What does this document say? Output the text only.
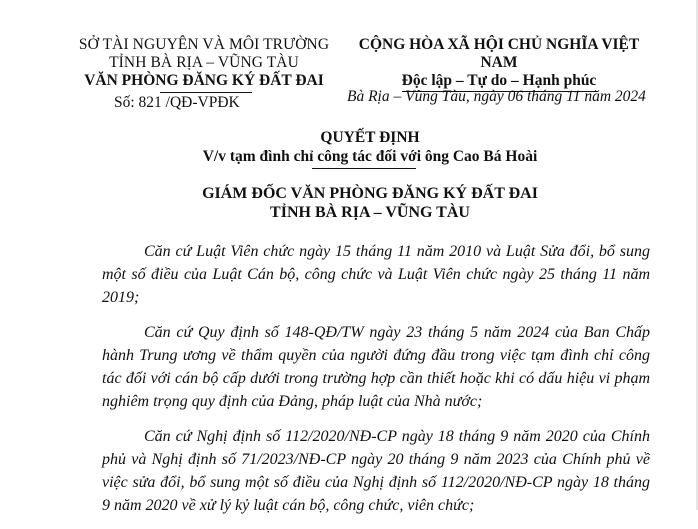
SỞ TÀI NGUYÊN VÀ MÔI TRƯỜNG
TỈNH BÀ RỊA – VŨNG TÀU
VĂN PHÒNG ĐĂNG KÝ ĐẤT ĐAI
Số: 821 /QĐ-VPĐK
CỘNG HÒA XÃ HỘI CHỦ NGHĨA VIỆT NAM
Độc lập – Tự do – Hạnh phúc
Bà Rịa – Vũng Tàu, ngày 06 tháng 11 năm 2024
QUYẾT ĐỊNH
V/v tạm đình chỉ công tác đối với ông Cao Bá Hoài
GIÁM ĐỐC VĂN PHÒNG ĐĂNG KÝ ĐẤT ĐAI
TỈNH BÀ RỊA – VŨNG TÀU

Căn cứ Luật Viên chức ngày 15 tháng 11 năm 2010 và Luật Sửa đổi, bổ sung một số điều của Luật Cán bộ, công chức và Luật Viên chức ngày 25 tháng 11 năm 2019;

Căn cứ Quy định số 148-QĐ/TW ngày 23 tháng 5 năm 2024 của Ban Chấp hành Trung ương về thẩm quyền của người đứng đầu trong việc tạm đình chỉ công tác đối với cán bộ cấp dưới trong trường hợp cần thiết hoặc khi có dấu hiệu vi phạm nghiêm trọng quy định của Đảng, pháp luật của Nhà nước;

Căn cứ Nghị định số 112/2020/NĐ-CP ngày 18 tháng 9 năm 2020 của Chính phủ và Nghị định số 71/2023/NĐ-CP ngày 20 tháng 9 năm 2023 của Chính phủ về việc sửa đổi, bổ sung một số điều của Nghị định số 112/2020/NĐ-CP ngày 18 tháng 9 năm 2020 về xử lý kỷ luật cán bộ, công chức, viên chức;
